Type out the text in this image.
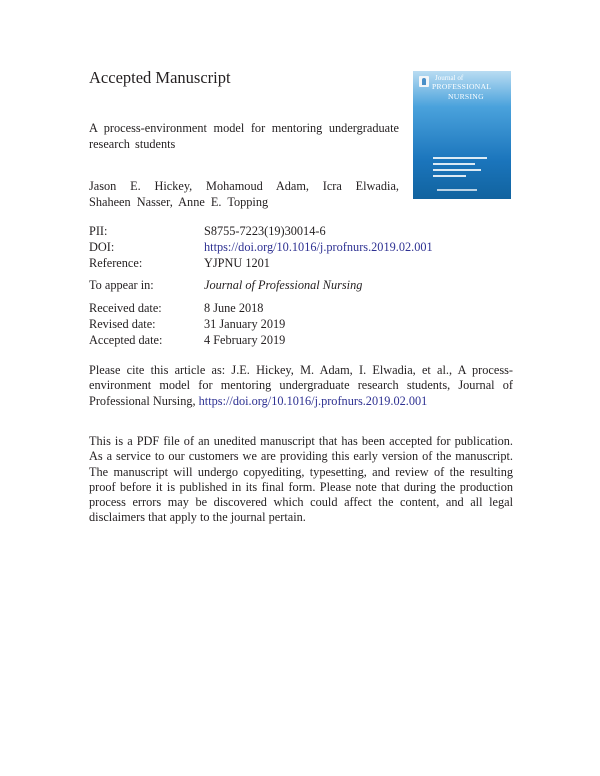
Accepted Manuscript
A process-environment model for mentoring undergraduate research students
Jason E. Hickey, Mohamoud Adam, Icra Elwadia, Shaheen Nasser, Anne E. Topping
Journal of
PROFESSIONAL
NURSING
PII:	S8755-7223(19)30014-6
DOI:	https://doi.org/10.1016/j.profnurs.2019.02.001
Reference:	YJPNU 1201
To appear in:	Journal of Professional Nursing
Received date:	8 June 2018
Revised date:	31 January 2019
Accepted date:	4 February 2019
Please cite this article as: J.E. Hickey, M. Adam, I. Elwadia, et al., A process-environment model for mentoring undergraduate research students, Journal of Professional Nursing, https://doi.org/10.1016/j.profnurs.2019.02.001
This is a PDF file of an unedited manuscript that has been accepted for publication. As a service to our customers we are providing this early version of the manuscript. The manuscript will undergo copyediting, typesetting, and review of the resulting proof before it is published in its final form. Please note that during the production process errors may be discovered which could affect the content, and all legal disclaimers that apply to the journal pertain.
